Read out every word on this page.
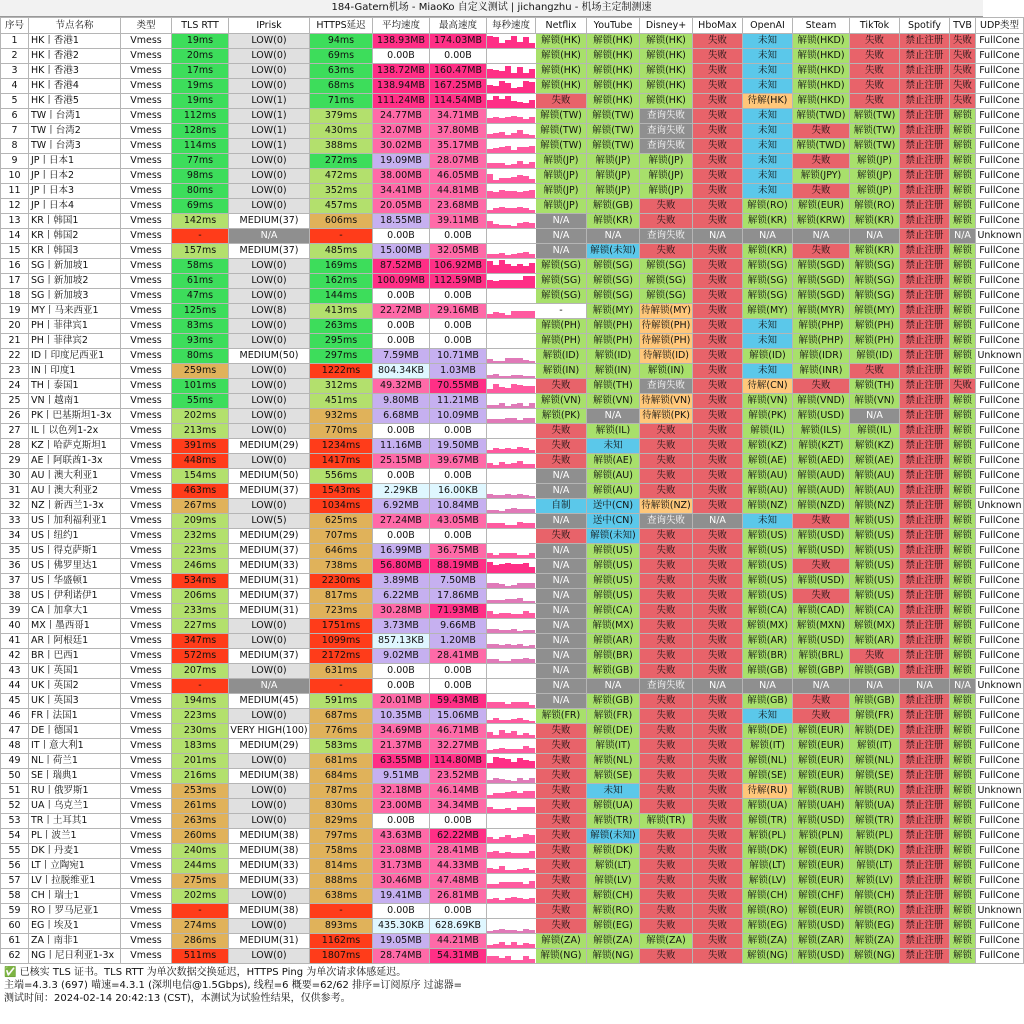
184-Gatern机场 - MiaoKo 自定义测试 | jichangzhu - 机场主定制测速
序号	节点名称	类型	TLS RTT	IPrisk	HTTPS延迟	平均速度	最高速度	每秒速度	Netflix	YouTube	Disney+	HboMax	OpenAI	Steam	TikTok	Spotify	TVB	UDP类型
1	HK丨香港1	Vmess	19ms	LOW(0)	94ms	138.93MB	174.03MB		解锁(HK)	解锁(HK)	解锁(HK)	失败	未知	解锁(HKD)	失败	禁止注册	失败	FullCone
2	HK丨香港2	Vmess	20ms	LOW(0)	69ms	0.00B	0.00B		解锁(HK)	解锁(HK)	解锁(HK)	失败	未知	解锁(HKD)	失败	禁止注册	失败	FullCone
3	HK丨香港3	Vmess	17ms	LOW(0)	63ms	138.72MB	160.47MB		解锁(HK)	解锁(HK)	解锁(HK)	失败	未知	解锁(HKD)	失败	禁止注册	失败	FullCone
4	HK丨香港4	Vmess	19ms	LOW(0)	68ms	138.94MB	167.25MB		解锁(HK)	解锁(HK)	解锁(HK)	失败	未知	解锁(HKD)	失败	禁止注册	失败	FullCone
5	HK丨香港5	Vmess	19ms	LOW(1)	71ms	111.24MB	114.54MB		失败	解锁(HK)	解锁(HK)	失败	待解(HK)	解锁(HKD)	失败	禁止注册	失败	FullCone
6	TW丨台湾1	Vmess	112ms	LOW(1)	379ms	24.77MB	34.71MB		解锁(TW)	解锁(TW)	查询失败	失败	未知	解锁(TWD)	解锁(TW)	禁止注册	解锁	FullCone
7	TW丨台湾2	Vmess	128ms	LOW(1)	430ms	32.07MB	37.80MB		解锁(TW)	解锁(TW)	查询失败	失败	未知	失败	解锁(TW)	禁止注册	解锁	FullCone
8	TW丨台湾3	Vmess	114ms	LOW(1)	388ms	30.02MB	35.17MB		解锁(TW)	解锁(TW)	查询失败	失败	未知	解锁(TWD)	解锁(TW)	禁止注册	解锁	FullCone
9	JP丨日本1	Vmess	77ms	LOW(0)	272ms	19.09MB	28.07MB		解锁(JP)	解锁(JP)	解锁(JP)	失败	未知	失败	解锁(JP)	禁止注册	解锁	FullCone
10	JP丨日本2	Vmess	98ms	LOW(0)	472ms	38.00MB	46.05MB		解锁(JP)	解锁(JP)	解锁(JP)	失败	未知	解锁(JPY)	解锁(JP)	禁止注册	解锁	FullCone
11	JP丨日本3	Vmess	80ms	LOW(0)	352ms	34.41MB	44.81MB		解锁(JP)	解锁(JP)	解锁(JP)	失败	未知	失败	解锁(JP)	禁止注册	解锁	FullCone
12	JP丨日本4	Vmess	69ms	LOW(0)	457ms	20.05MB	23.68MB		解锁(JP)	解锁(GB)	失败	失败	解锁(RO)	解锁(EUR)	解锁(RO)	禁止注册	解锁	FullCone
13	KR丨韩国1	Vmess	142ms	MEDIUM(37)	606ms	18.55MB	39.11MB		N/A	解锁(KR)	失败	失败	解锁(KR)	解锁(KRW)	解锁(KR)	禁止注册	解锁	FullCone
14	KR丨韩国2	Vmess	-	N/A	-	0.00B	0.00B		N/A	N/A	查询失败	N/A	N/A	N/A	N/A	禁止注册	N/A	Unknown
15	KR丨韩国3	Vmess	157ms	MEDIUM(37)	485ms	15.00MB	32.05MB		N/A	解锁(未知)	失败	失败	解锁(KR)	失败	解锁(KR)	禁止注册	解锁	FullCone
16	SG丨新加坡1	Vmess	58ms	LOW(0)	169ms	87.52MB	106.92MB		解锁(SG)	解锁(SG)	解锁(SG)	失败	解锁(SG)	解锁(SGD)	解锁(SG)	禁止注册	解锁	FullCone
17	SG丨新加坡2	Vmess	61ms	LOW(0)	162ms	100.09MB	112.59MB		解锁(SG)	解锁(SG)	解锁(SG)	失败	解锁(SG)	解锁(SGD)	解锁(SG)	禁止注册	解锁	FullCone
18	SG丨新加坡3	Vmess	47ms	LOW(0)	144ms	0.00B	0.00B		解锁(SG)	解锁(SG)	解锁(SG)	失败	解锁(SG)	解锁(SGD)	解锁(SG)	禁止注册	解锁	FullCone
19	MY丨马来西亚1	Vmess	125ms	LOW(8)	413ms	22.72MB	29.16MB		-	解锁(MY)	待解锁(MY)	失败	解锁(MY)	解锁(MYR)	解锁(MY)	禁止注册	解锁	FullCone
20	PH丨菲律宾1	Vmess	83ms	LOW(0)	263ms	0.00B	0.00B		解锁(PH)	解锁(PH)	待解锁(PH)	失败	未知	解锁(PHP)	解锁(PH)	禁止注册	解锁	FullCone
21	PH丨菲律宾2	Vmess	93ms	LOW(0)	295ms	0.00B	0.00B		解锁(PH)	解锁(PH)	待解锁(PH)	失败	未知	解锁(PHP)	解锁(PH)	禁止注册	解锁	FullCone
22	ID丨印度尼西亚1	Vmess	80ms	MEDIUM(50)	297ms	7.59MB	10.71MB		解锁(ID)	解锁(ID)	待解锁(ID)	失败	解锁(ID)	解锁(IDR)	解锁(ID)	禁止注册	解锁	Unknown
23	IN丨印度1	Vmess	259ms	LOW(0)	1222ms	804.34KB	1.03MB		解锁(IN)	解锁(IN)	解锁(IN)	失败	未知	解锁(INR)	失败	禁止注册	解锁	FullCone
24	TH丨泰国1	Vmess	101ms	LOW(0)	312ms	49.32MB	70.55MB		失败	解锁(TH)	查询失败	失败	待解(CN)	失败	解锁(TH)	禁止注册	失败	FullCone
25	VN丨越南1	Vmess	55ms	LOW(0)	451ms	9.80MB	11.21MB		解锁(VN)	解锁(VN)	待解锁(VN)	失败	解锁(VN)	解锁(VND)	解锁(VN)	禁止注册	解锁	FullCone
26	PK丨巴基斯坦1-3x	Vmess	202ms	LOW(0)	932ms	6.68MB	10.09MB		解锁(PK)	N/A	待解锁(PK)	失败	解锁(PK)	解锁(USD)	N/A	禁止注册	解锁	FullCone
27	IL丨以色列1-2x	Vmess	213ms	LOW(0)	770ms	0.00B	0.00B		失败	解锁(IL)	失败	失败	解锁(IL)	解锁(ILS)	解锁(IL)	禁止注册	解锁	FullCone
28	KZ丨哈萨克斯坦1	Vmess	391ms	MEDIUM(29)	1234ms	11.16MB	19.50MB		失败	未知	失败	失败	解锁(KZ)	解锁(KZT)	解锁(KZ)	禁止注册	解锁	FullCone
29	AE丨阿联酋1-3x	Vmess	448ms	LOW(0)	1417ms	25.15MB	39.67MB		失败	解锁(AE)	失败	失败	解锁(AE)	解锁(AED)	解锁(AE)	禁止注册	解锁	FullCone
30	AU丨澳大利亚1	Vmess	154ms	MEDIUM(50)	556ms	0.00B	0.00B		N/A	解锁(AU)	失败	失败	解锁(AU)	解锁(AUD)	解锁(AU)	禁止注册	解锁	FullCone
31	AU丨澳大利亚2	Vmess	463ms	MEDIUM(37)	1543ms	2.29KB	16.00KB		N/A	解锁(AU)	失败	失败	解锁(AU)	解锁(AUD)	解锁(AU)	禁止注册	解锁	FullCone
32	NZ丨新西兰1-3x	Vmess	267ms	LOW(0)	1034ms	6.92MB	10.84MB		自制	送中(CN)	待解锁(NZ)	失败	解锁(NZ)	解锁(NZD)	解锁(NZ)	禁止注册	解锁	Unknown
33	US丨加利福利亚1	Vmess	209ms	LOW(5)	625ms	27.24MB	43.05MB		N/A	送中(CN)	查询失败	N/A	未知	失败	解锁(US)	禁止注册	解锁	FullCone
34	US丨纽约1	Vmess	232ms	MEDIUM(29)	707ms	0.00B	0.00B		失败	解锁(未知)	失败	失败	解锁(US)	解锁(USD)	解锁(US)	禁止注册	解锁	FullCone
35	US丨得克萨斯1	Vmess	223ms	MEDIUM(37)	646ms	16.99MB	36.75MB		N/A	解锁(US)	失败	失败	解锁(US)	解锁(USD)	解锁(US)	禁止注册	解锁	FullCone
36	US丨佛罗里达1	Vmess	246ms	MEDIUM(33)	738ms	56.80MB	88.19MB		N/A	解锁(US)	失败	失败	解锁(US)	失败	解锁(US)	禁止注册	解锁	FullCone
37	US丨华盛顿1	Vmess	534ms	MEDIUM(31)	2230ms	3.89MB	7.50MB		N/A	解锁(US)	失败	失败	解锁(US)	解锁(USD)	解锁(US)	禁止注册	解锁	FullCone
38	US丨伊利诺伊1	Vmess	206ms	MEDIUM(37)	817ms	6.22MB	17.86MB		N/A	解锁(US)	失败	失败	解锁(US)	失败	解锁(US)	禁止注册	解锁	FullCone
39	CA丨加拿大1	Vmess	233ms	MEDIUM(31)	723ms	30.28MB	71.93MB		N/A	解锁(CA)	失败	失败	解锁(CA)	解锁(CAD)	解锁(CA)	禁止注册	解锁	FullCone
40	MX丨墨西哥1	Vmess	227ms	LOW(0)	1751ms	3.73MB	9.66MB		N/A	解锁(MX)	失败	失败	解锁(MX)	解锁(MXN)	解锁(MX)	禁止注册	解锁	FullCone
41	AR丨阿根廷1	Vmess	347ms	LOW(0)	1099ms	857.13KB	1.20MB		N/A	解锁(AR)	失败	失败	解锁(AR)	解锁(USD)	解锁(AR)	禁止注册	解锁	FullCone
42	BR丨巴西1	Vmess	572ms	MEDIUM(37)	2172ms	9.02MB	28.41MB		N/A	解锁(BR)	失败	失败	解锁(BR)	解锁(BRL)	失败	禁止注册	解锁	FullCone
43	UK丨英国1	Vmess	207ms	LOW(0)	631ms	0.00B	0.00B		N/A	解锁(GB)	失败	失败	解锁(GB)	解锁(GBP)	解锁(GB)	禁止注册	解锁	FullCone
44	UK丨英国2	Vmess	-	N/A	-	0.00B	0.00B		N/A	N/A	查询失败	N/A	N/A	N/A	N/A	N/A	N/A	Unknown
45	UK丨英国3	Vmess	194ms	MEDIUM(45)	591ms	20.01MB	59.43MB		N/A	解锁(GB)	失败	失败	解锁(GB)	失败	解锁(GB)	禁止注册	解锁	FullCone
46	FR丨法国1	Vmess	223ms	LOW(0)	687ms	10.35MB	15.06MB		解锁(FR)	解锁(FR)	失败	失败	未知	失败	解锁(FR)	禁止注册	解锁	FullCone
47	DE丨德国1	Vmess	230ms	VERY HIGH(100)	776ms	34.69MB	46.71MB		失败	解锁(DE)	失败	失败	解锁(DE)	解锁(EUR)	解锁(DE)	禁止注册	解锁	FullCone
48	IT丨意大利1	Vmess	183ms	MEDIUM(29)	583ms	21.37MB	32.27MB		失败	解锁(IT)	失败	失败	解锁(IT)	解锁(EUR)	解锁(IT)	禁止注册	解锁	FullCone
49	NL丨荷兰1	Vmess	201ms	LOW(0)	681ms	63.55MB	114.80MB		失败	解锁(NL)	失败	失败	解锁(NL)	解锁(EUR)	解锁(NL)	禁止注册	解锁	FullCone
50	SE丨瑞典1	Vmess	216ms	MEDIUM(38)	684ms	9.51MB	23.52MB		失败	解锁(SE)	失败	失败	解锁(SE)	解锁(EUR)	解锁(SE)	禁止注册	解锁	FullCone
51	RU丨俄罗斯1	Vmess	253ms	LOW(0)	787ms	32.18MB	46.14MB		失败	未知	失败	失败	待解(RU)	解锁(RUB)	解锁(RU)	禁止注册	解锁	Unknown
52	UA丨乌克兰1	Vmess	261ms	LOW(0)	830ms	23.00MB	34.34MB		失败	解锁(UA)	失败	失败	解锁(UA)	解锁(UAH)	解锁(UA)	禁止注册	解锁	FullCone
53	TR丨土耳其1	Vmess	263ms	LOW(0)	829ms	0.00B	0.00B		失败	解锁(TR)	解锁(TR)	失败	解锁(TR)	解锁(USD)	解锁(TR)	禁止注册	解锁	FullCone
54	PL丨波兰1	Vmess	260ms	MEDIUM(38)	797ms	43.63MB	62.22MB		失败	解锁(未知)	失败	失败	解锁(PL)	解锁(PLN)	解锁(PL)	禁止注册	解锁	FullCone
55	DK丨丹麦1	Vmess	240ms	MEDIUM(38)	758ms	23.08MB	28.41MB		失败	解锁(DK)	失败	失败	解锁(DK)	解锁(EUR)	解锁(DK)	禁止注册	解锁	FullCone
56	LT丨立陶宛1	Vmess	244ms	MEDIUM(33)	814ms	31.73MB	44.33MB		失败	解锁(LT)	失败	失败	解锁(LT)	解锁(EUR)	解锁(LT)	禁止注册	解锁	FullCone
57	LV丨拉脱维亚1	Vmess	275ms	MEDIUM(33)	888ms	30.46MB	47.48MB		失败	解锁(LV)	失败	失败	解锁(LV)	解锁(EUR)	解锁(LV)	禁止注册	解锁	FullCone
58	CH丨瑞士1	Vmess	202ms	LOW(0)	638ms	19.41MB	26.81MB		失败	解锁(CH)	失败	失败	解锁(CH)	解锁(CHF)	解锁(CH)	禁止注册	解锁	FullCone
59	RO丨罗马尼亚1	Vmess	-	MEDIUM(38)	-	0.00B	0.00B		失败	解锁(RO)	失败	失败	解锁(RO)	解锁(EUR)	解锁(RO)	禁止注册	解锁	Unknown
60	EG丨埃及1	Vmess	274ms	LOW(0)	893ms	435.30KB	628.69KB		失败	解锁(EG)	失败	失败	解锁(EG)	解锁(USD)	解锁(EG)	禁止注册	解锁	FullCone
61	ZA丨南非1	Vmess	286ms	MEDIUM(31)	1162ms	19.05MB	44.21MB		解锁(ZA)	解锁(ZA)	解锁(ZA)	失败	解锁(ZA)	解锁(ZAR)	解锁(ZA)	禁止注册	解锁	FullCone
62	NG丨尼日利亚1-3x	Vmess	511ms	LOW(0)	1807ms	28.74MB	54.31MB		解锁(NG)	解锁(NG)	失败	失败	解锁(NG)	解锁(USD)	解锁(NG)	禁止注册	解锁	FullCone
✅ 已核实 TLS 证书。TLS RTT 为单次数据交换延迟，HTTPS Ping 为单次请求体感延迟。
主端=4.3.3 (697) 喵速=4.3.1 (深圳电信@1.5Gbps), 线程=6 概要=62/62 排序=订阅原序 过滤器=
测试时间：2024-02-14 20:42:13 (CST)，本测试为试验性结果，仅供参考。
